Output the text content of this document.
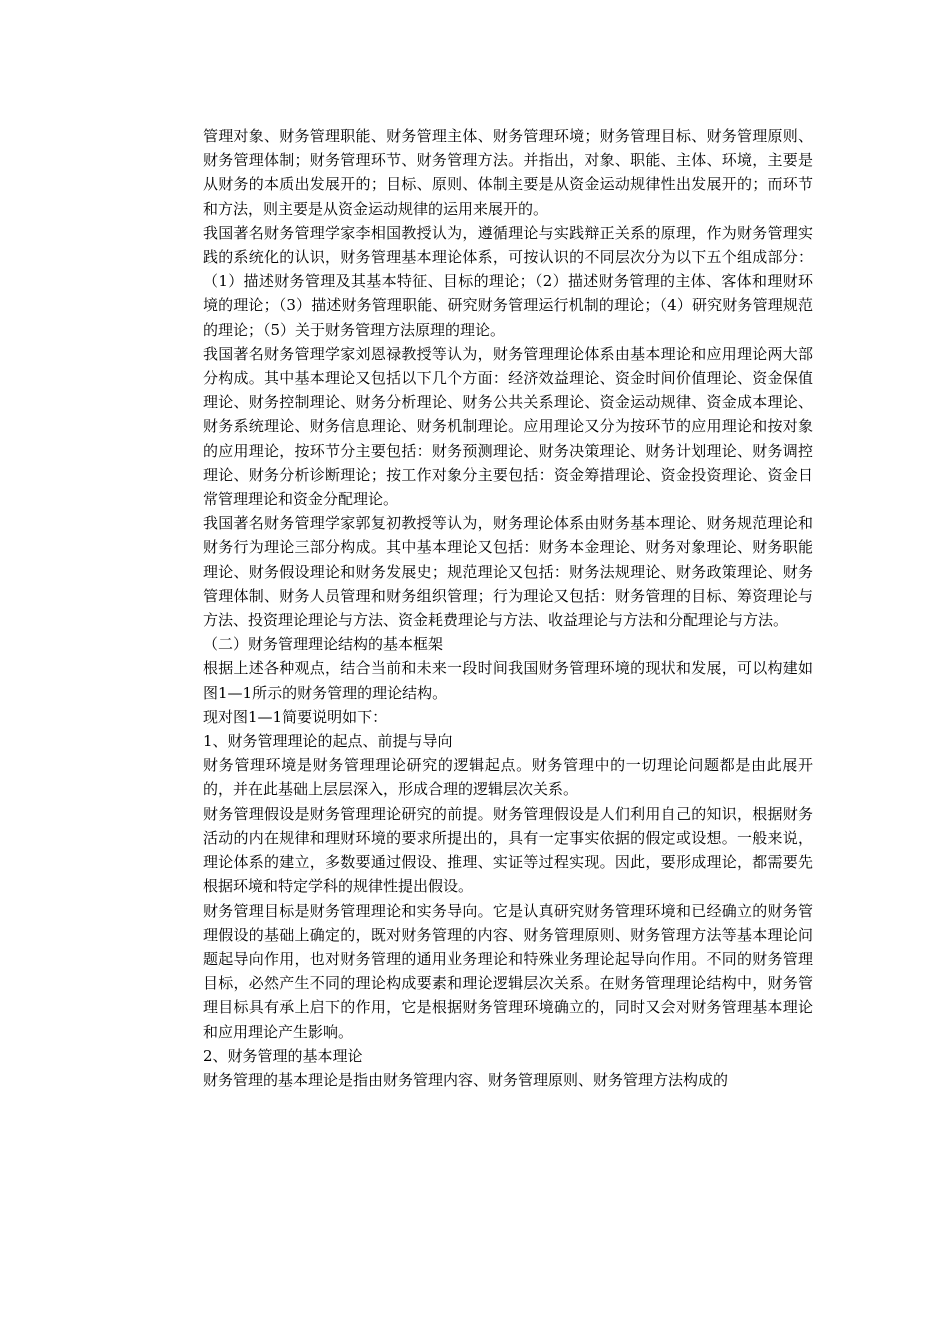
管理对象、财务管理职能、财务管理主体、财务管理环境；财务管理目标、财务管理原则、财务管理体制；财务管理环节、财务管理方法。并指出，对象、职能、主体、环境，主要是从财务的本质出发展开的；目标、原则、体制主要是从资金运动规律性出发展开的；而环节和方法，则主要是从资金运动规律的运用来展开的。

我国著名财务管理学家李相国教授认为，遵循理论与实践辩正关系的原理，作为财务管理实践的系统化的认识，财务管理基本理论体系，可按认识的不同层次分为以下五个组成部分：（1）描述财务管理及其基本特征、目标的理论；（2）描述财务管理的主体、客体和理财环境的理论；（3）描述财务管理职能、研究财务管理运行机制的理论；（4）研究财务管理规范的理论；（5）关于财务管理方法原理的理论。

我国著名财务管理学家刘恩禄教授等认为，财务管理理论体系由基本理论和应用理论两大部分构成。其中基本理论又包括以下几个方面：经济效益理论、资金时间价值理论、资金保值理论、财务控制理论、财务分析理论、财务公共关系理论、资金运动规律、资金成本理论、财务系统理论、财务信息理论、财务机制理论。应用理论又分为按环节的应用理论和按对象的应用理论，按环节分主要包括：财务预测理论、财务决策理论、财务计划理论、财务调控理论、财务分析诊断理论；按工作对象分主要包括：资金筹措理论、资金投资理论、资金日常管理理论和资金分配理论。

我国著名财务管理学家郭复初教授等认为，财务理论体系由财务基本理论、财务规范理论和财务行为理论三部分构成。其中基本理论又包括：财务本金理论、财务对象理论、财务职能理论、财务假设理论和财务发展史；规范理论又包括：财务法规理论、财务政策理论、财务管理体制、财务人员管理和财务组织管理；行为理论又包括：财务管理的目标、筹资理论与方法、投资理论理论与方法、资金耗费理论与方法、收益理论与方法和分配理论与方法。

（二）财务管理理论结构的基本框架

根据上述各种观点，结合当前和未来一段时间我国财务管理环境的现状和发展，可以构建如图1—1所示的财务管理的理论结构。

现对图1—1简要说明如下：

1、财务管理理论的起点、前提与导向

财务管理环境是财务管理理论研究的逻辑起点。财务管理中的一切理论问题都是由此展开的，并在此基础上层层深入，形成合理的逻辑层次关系。

财务管理假设是财务管理理论研究的前提。财务管理假设是人们利用自己的知识，根据财务活动的内在规律和理财环境的要求所提出的，具有一定事实依据的假定或设想。一般来说，理论体系的建立，多数要通过假设、推理、实证等过程实现。因此，要形成理论，都需要先根据环境和特定学科的规律性提出假设。

财务管理目标是财务管理理论和实务导向。它是认真研究财务管理环境和已经确立的财务管理假设的基础上确定的，既对财务管理的内容、财务管理原则、财务管理方法等基本理论问题起导向作用，也对财务管理的通用业务理论和特殊业务理论起导向作用。不同的财务管理目标，必然产生不同的理论构成要素和理论逻辑层次关系。在财务管理理论结构中，财务管理目标具有承上启下的作用，它是根据财务管理环境确立的，同时又会对财务管理基本理论和应用理论产生影响。

2、财务管理的基本理论

财务管理的基本理论是指由财务管理内容、财务管理原则、财务管理方法构成的
